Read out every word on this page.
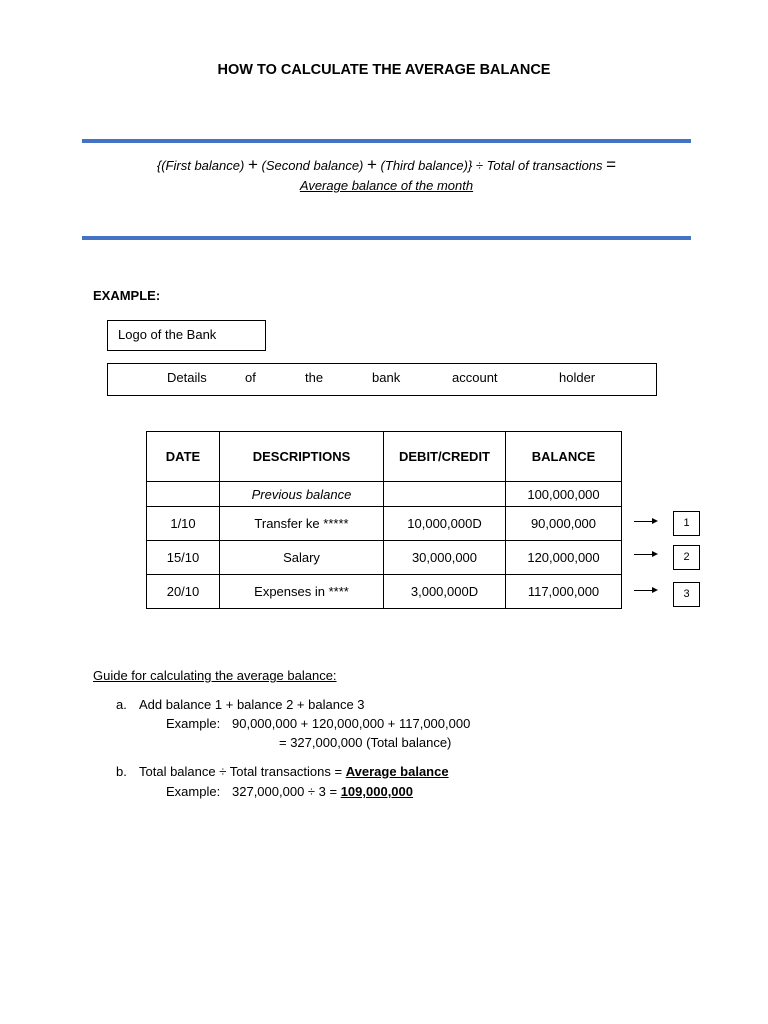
HOW TO CALCULATE THE AVERAGE BALANCE
{(First balance) + (Second balance) + (Third balance)} ÷ Total of transactions =
Average balance of the month
EXAMPLE:
Logo of the Bank
Details	of	the	bank	account	holder
DATE	DESCRIPTIONS	DEBIT/CREDIT	BALANCE
	Previous balance		100,000,000
1/10	Transfer ke *****	10,000,000D	90,000,000
15/10	Salary	30,000,000	120,000,000
20/10	Expenses in ****	3,000,000D	117,000,000
1
2
3
Guide for calculating the average balance:
a. Add balance 1 + balance 2 + balance 3
Example: 90,000,000 + 120,000,000 + 117,000,000
= 327,000,000 (Total balance)
b. Total balance ÷ Total transactions = Average balance
Example: 327,000,000 ÷ 3 = 109,000,000
